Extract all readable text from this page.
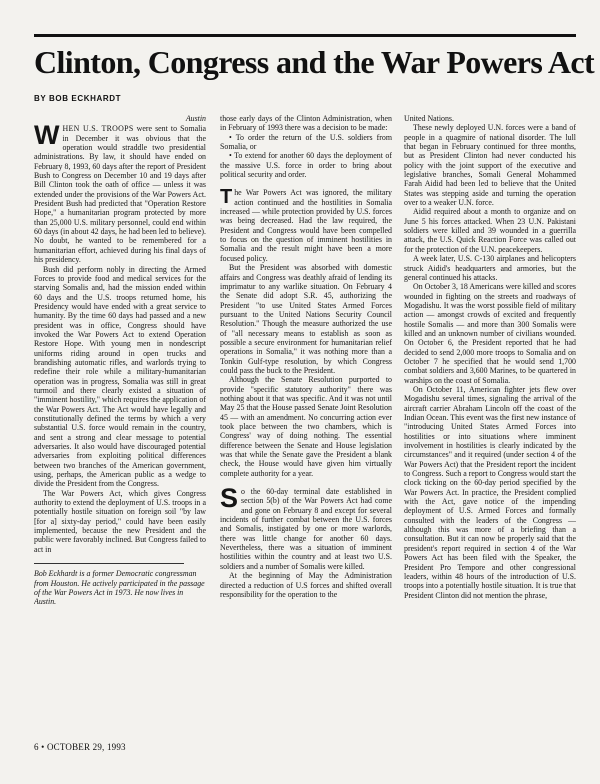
Clinton, Congress and the War Powers Act
BY BOB ECKHARDT
Austin

WHEN U.S. TROOPS were sent to Somalia in December it was obvious that the operation would straddle two presidential administrations. By law, it should have ended on February 8, 1993, 60 days after the report of President Bush to Congress on December 10 and 19 days after Bill Clinton took the oath of office — unless it was extended under the provisions of the War Powers Act. President Bush had predicted that "Operation Restore Hope," a humanitarian program protected by more than 25,000 U.S. military personnel, could end within 60 days (in about 42 days, he had been led to believe). No doubt, he wanted to be remembered for a humanitarian effort, achieved during his final days of his presidency.

Bush did perform nobly in directing the Armed Forces to provide food and medical services for the starving Somalis and, had the mission ended within 60 days and the U.S. troops returned home, his Presidency would have ended with a great service to humanity. By the time 60 days had passed and a new president was in office, Congress should have invoked the War Powers Act to extend Operation Restore Hope. With young men in nondescript uniforms riding around in open trucks and brandishing automatic rifles, and warlords trying to redefine their role while a military-humanitarian operation was in progress, Somalia was still in great turmoil and there clearly existed a situation of "imminent hostility," which requires the application of the War Powers Act. The Act would have legally and constitutionally defined the terms by which a very substantial U.S. force would remain in the country, and sent a strong and clear message to potential adversaries. It also would have discouraged potential adversaries from exploiting political differences between two branches of the American government, using, perhaps, the American public as a wedge to divide the President from the Congress.

The War Powers Act, which gives Congress authority to extend the deployment of U.S. troops in a potentially hostile situation on foreign soil "by law [for a] sixty-day period," could have been easily implemented, because the new President and the public were favorably inclined. But Congress failed to act in

Bob Eckhardt is a former Democratic congressman from Houston. He actively participated in the passage of the War Powers Act in 1973. He now lives in Austin.

those early days of the Clinton Administration, when in February of 1993 there was a decision to be made:

• To order the return of the U.S. soldiers from Somalia, or

• To extend for another 60 days the deployment of the massive U.S. force in order to bring about political security and order.

The War Powers Act was ignored, the military action continued and the hostilities in Somalia increased — while protection provided by U.S. forces was being decreased. Had the law required, the President and Congress would have been compelled to focus on the question of imminent hostilities in Somalia and the result might have been a more focused policy.

But the President was absorbed with domestic affairs and Congress was deathly afraid of lending its imprimatur to any warlike situation. On February 4 the Senate did adopt S.R. 45, authorizing the President "to use United States Armed Forces pursuant to the United Nations Security Council Resolution." Though the measure authorized the use of "all necessary means to establish as soon as possible a secure environment for humanitarian relief operations in Somalia," it was nothing more than a Tonkin Gulf-type resolution, by which Congress could pass the buck to the President.

Although the Senate Resolution purported to provide "specific statutory authority" there was nothing about it that was specific. And it was not until May 25 that the House passed Senate Joint Resolution 45 — with an amendment. No concurring action ever took place between the two chambers, which is Congress' way of doing nothing. The essential difference between the Senate and House legislation was that while the Senate gave the President a blank check, the House would have given him virtually complete authority for a year.

So the 60-day terminal date established in section 5(b) of the War Powers Act had come and gone on February 8 and except for several incidents of further combat between the U.S. forces and Somalis, instigated by one or more warlords, there was little change for another 60 days. Nevertheless, there was a situation of imminent hostilities within the country and at least two U.S. soldiers and a number of Somalis were killed.

At the beginning of May the Administration directed a reduction of U.S forces and shifted overall responsibility for the operation to the

United Nations.

These newly deployed U.N. forces were a band of people in a quagmire of national disorder. The lull that began in February continued for three months, but as President Clinton had never conducted his policy with the joint support of the executive and legislative branches, Somali General Mohammed Farah Aidid had been led to believe that the United States was stepping aside and turning the operation over to a weaker U.N. force.

Aidid required about a month to organize and on June 5 his forces attacked. When 23 U.N. Pakistani soldiers were killed and 39 wounded in a guerrilla attack, the U.S. Quick Reaction Force was called out for the protection of the U.N. peacekeepers.

A week later, U.S. C-130 airplanes and helicopters struck Aidid's headquarters and armories, but the general continued his attacks.

On October 3, 18 Americans were killed and scores wounded in fighting on the streets and roadways of Mogadishu. It was the worst possible field of military action — amongst crowds of excited and frequently hostile Somalis — and more than 300 Somalis were killed and an unknown number of civilians wounded. On October 6, the President reported that he had decided to send 2,000 more troops to Somalia and on October 7 he specified that he would send 1,700 combat soldiers and 3,600 Marines, to be quartered in warships on the coast of Somalia.

On October 11, American fighter jets flew over Mogadishu several times, signaling the arrival of the aircraft carrier Abraham Lincoln off the coast of the Indian Ocean. This event was the first new instance of "introducing United States Armed Forces into hostilities or into situations where imminent involvement in hostilities is clearly indicated by the circumstances" and it required (under section 4 of the War Powers Act) that the President report the incident to Congress. Such a report to Congress would start the clock ticking on the 60-day period specified by the War Powers Act. In practice, the President complied with the Act, gave notice of the impending deployment of U.S. Armed Forces and formally consulted with the leaders of the Congress — although this was more of a briefing than a consultation. But it can now be properly said that the president's report required in section 4 of the War Powers Act has been filed with the Speaker, the President Pro Tempore and other congressional leaders, within 48 hours of the introduction of U.S. troops into a potentially hostile situation. It is true that President Clinton did not mention the phrase,

6 • OCTOBER 29, 1993
